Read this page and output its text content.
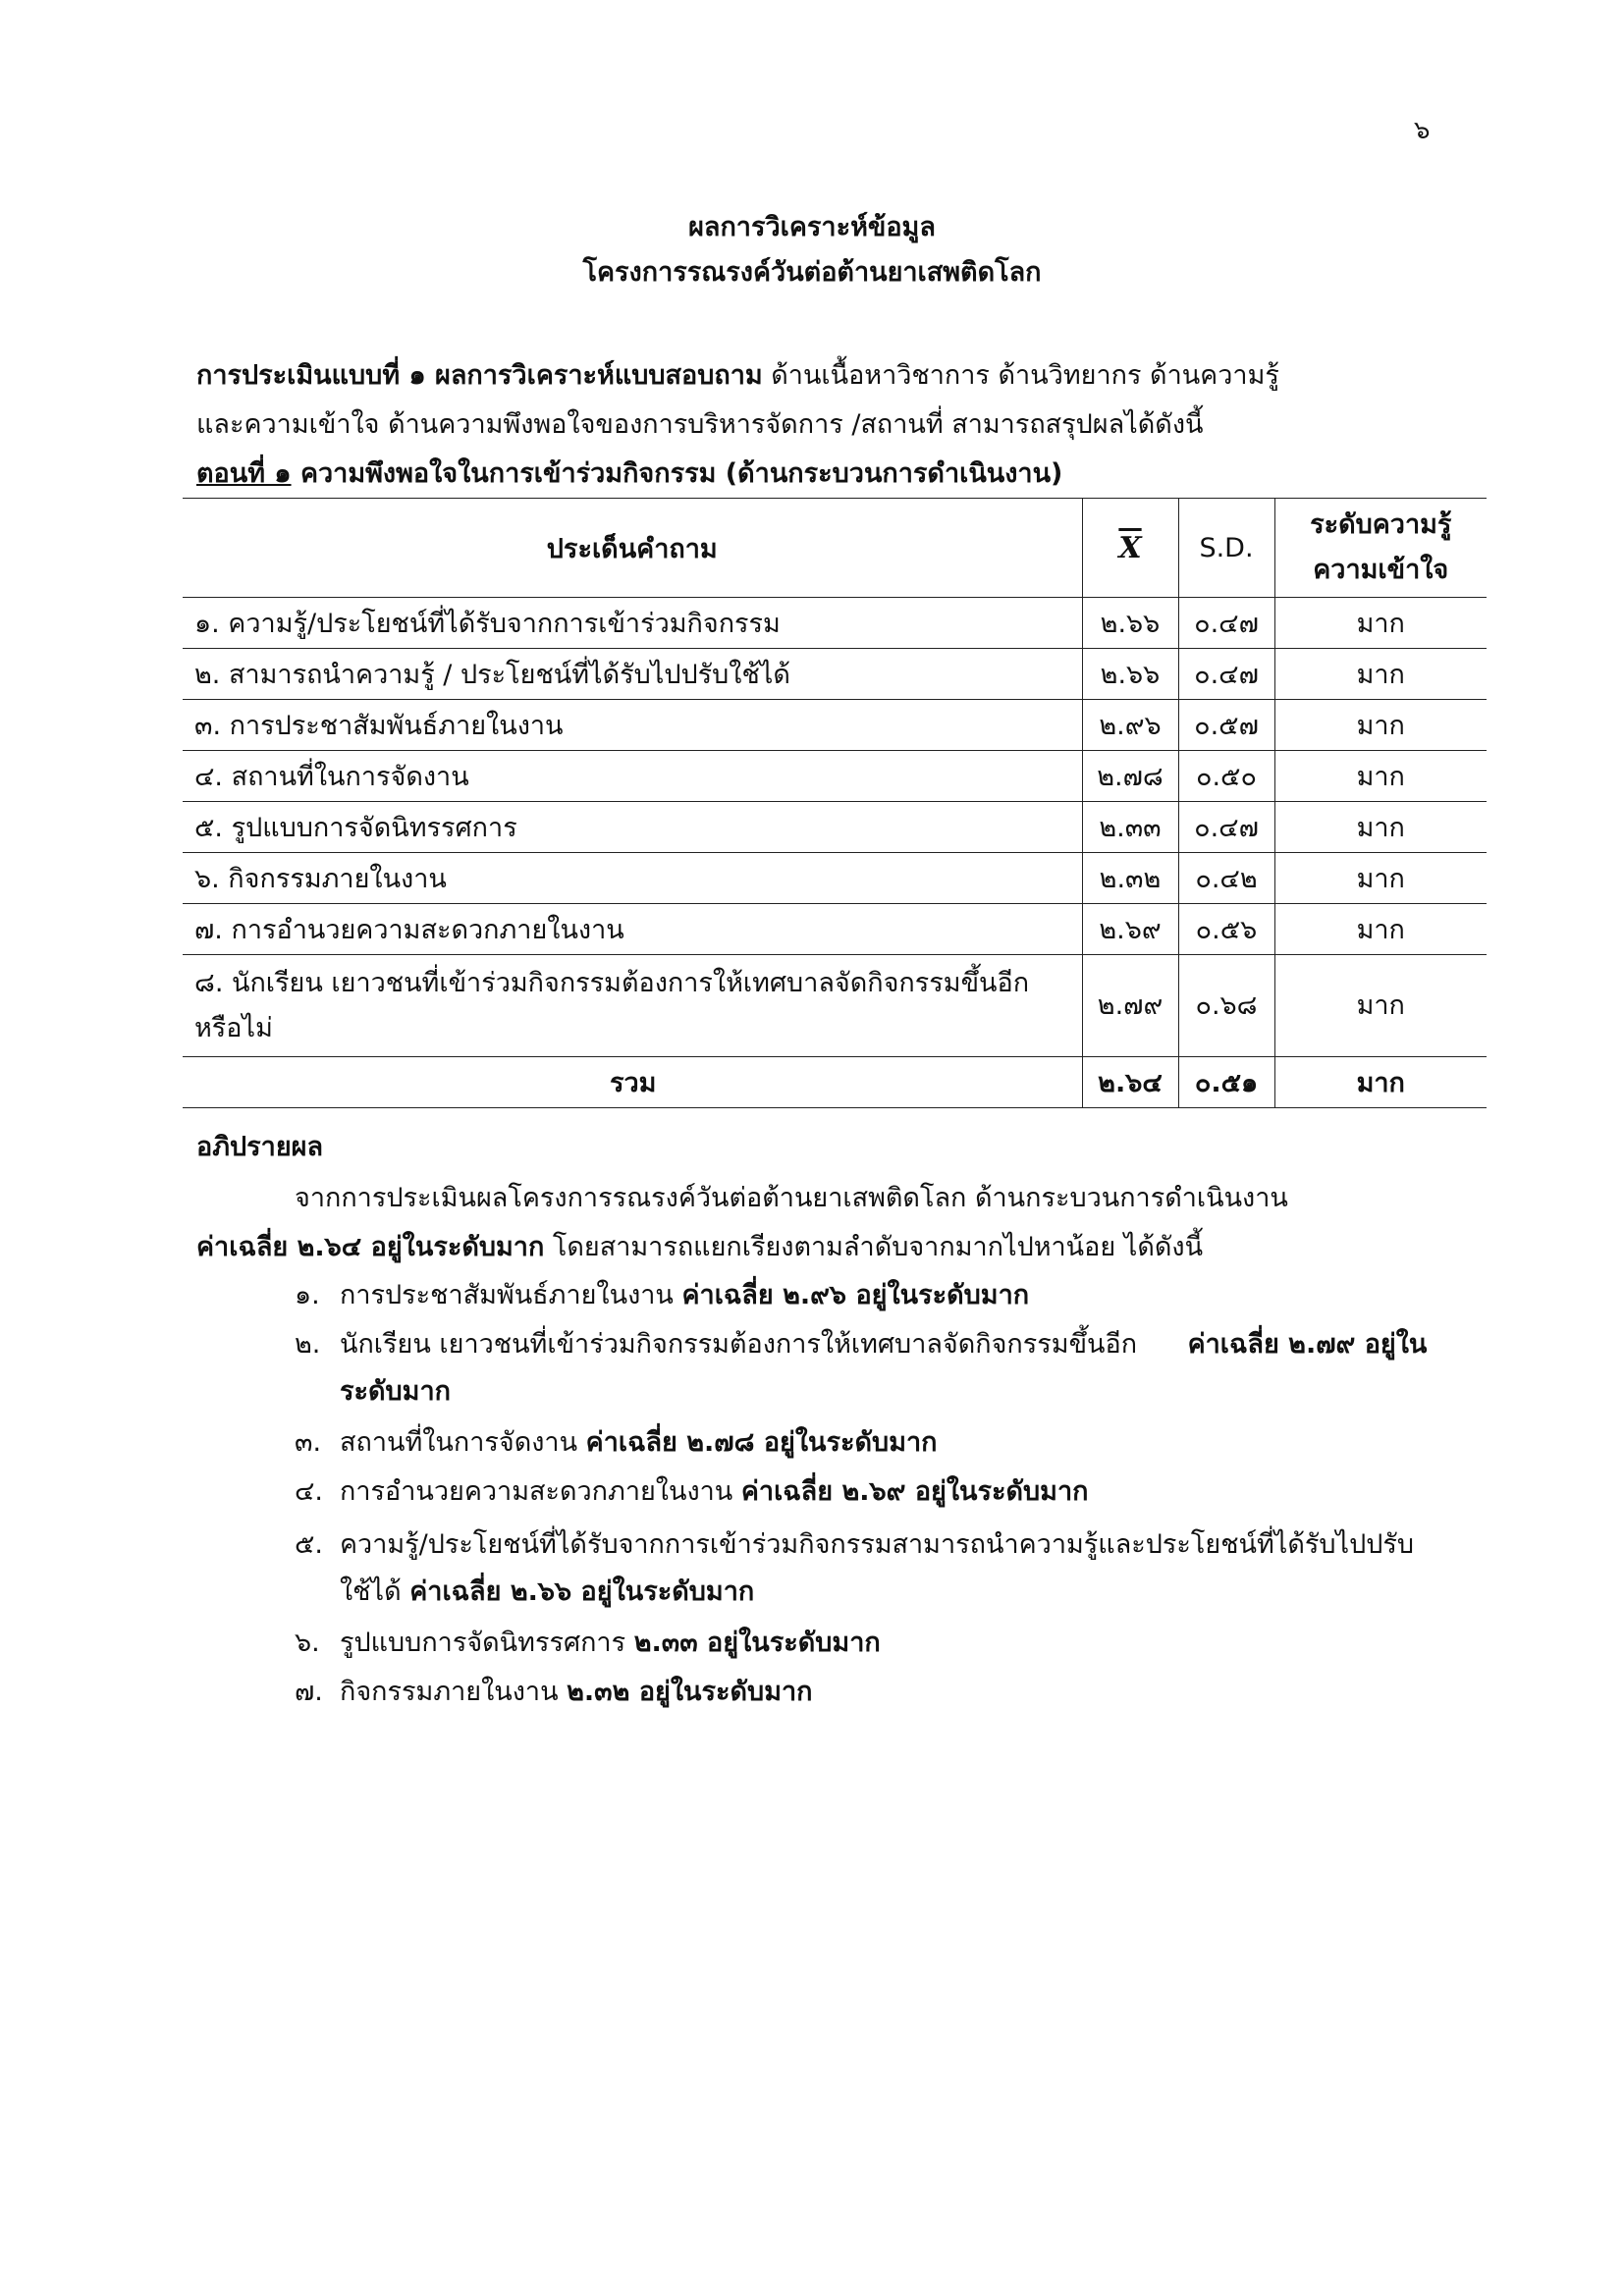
๖
ผลการวิเคราะห์ข้อมูล
โครงการรณรงค์วันต่อต้านยาเสพติดโลก
การประเมินแบบที่ ๑ ผลการวิเคราะห์แบบสอบถาม ด้านเนื้อหาวิชาการ ด้านวิทยากร ด้านความรู้
และความเข้าใจ ด้านความพึงพอใจของการบริหารจัดการ /สถานที่ สามารถสรุปผลได้ดังนี้
ตอนที่ ๑ ความพึงพอใจในการเข้าร่วมกิจกรรม (ด้านกระบวนการดำเนินงาน)
ประเด็นคำถาม	$\overline{X}$	S.D.	ระดับความรู้
ความเข้าใจ
๑. ความรู้/ประโยชน์ที่ได้รับจากการเข้าร่วมกิจกรรม	๒.๖๖	๐.๔๗	มาก
๒. สามารถนำความรู้ / ประโยชน์ที่ได้รับไปปรับใช้ได้	๒.๖๖	๐.๔๗	มาก
๓. การประชาสัมพันธ์ภายในงาน	๒.๙๖	๐.๕๗	มาก
๔. สถานที่ในการจัดงาน	๒.๗๘	๐.๕๐	มาก
๕. รูปแบบการจัดนิทรรศการ	๒.๓๓	๐.๔๗	มาก
๖. กิจกรรมภายในงาน	๒.๓๒	๐.๔๒	มาก
๗. การอำนวยความสะดวกภายในงาน	๒.๖๙	๐.๕๖	มาก
๘. นักเรียน เยาวชนที่เข้าร่วมกิจกรรมต้องการให้เทศบาลจัดกิจกรรมขึ้นอีก
หรือไม่	๒.๗๙	๐.๖๘	มาก
รวม	๒.๖๔	๐.๕๑	มาก
อภิปรายผล
จากการประเมินผลโครงการรณรงค์วันต่อต้านยาเสพติดโลก ด้านกระบวนการดำเนินงาน
ค่าเฉลี่ย ๒.๖๔ อยู่ในระดับมาก โดยสามารถแยกเรียงตามลำดับจากมากไปหาน้อย ได้ดังนี้
๑. การประชาสัมพันธ์ภายในงาน ค่าเฉลี่ย ๒.๙๖ อยู่ในระดับมาก
๒. นักเรียน เยาวชนที่เข้าร่วมกิจกรรมต้องการให้เทศบาลจัดกิจกรรมขึ้นอีก      ค่าเฉลี่ย ๒.๗๙ อยู่ในระดับมาก
๓. สถานที่ในการจัดงาน ค่าเฉลี่ย ๒.๗๘ อยู่ในระดับมาก
๔. การอำนวยความสะดวกภายในงาน ค่าเฉลี่ย ๒.๖๙ อยู่ในระดับมาก
๕. ความรู้/ประโยชน์ที่ได้รับจากการเข้าร่วมกิจกรรมสามารถนำความรู้และประโยชน์ที่ได้รับไปปรับใช้ได้ ค่าเฉลี่ย ๒.๖๖ อยู่ในระดับมาก
๖. รูปแบบการจัดนิทรรศการ ๒.๓๓ อยู่ในระดับมาก
๗. กิจกรรมภายในงาน ๒.๓๒ อยู่ในระดับมาก
